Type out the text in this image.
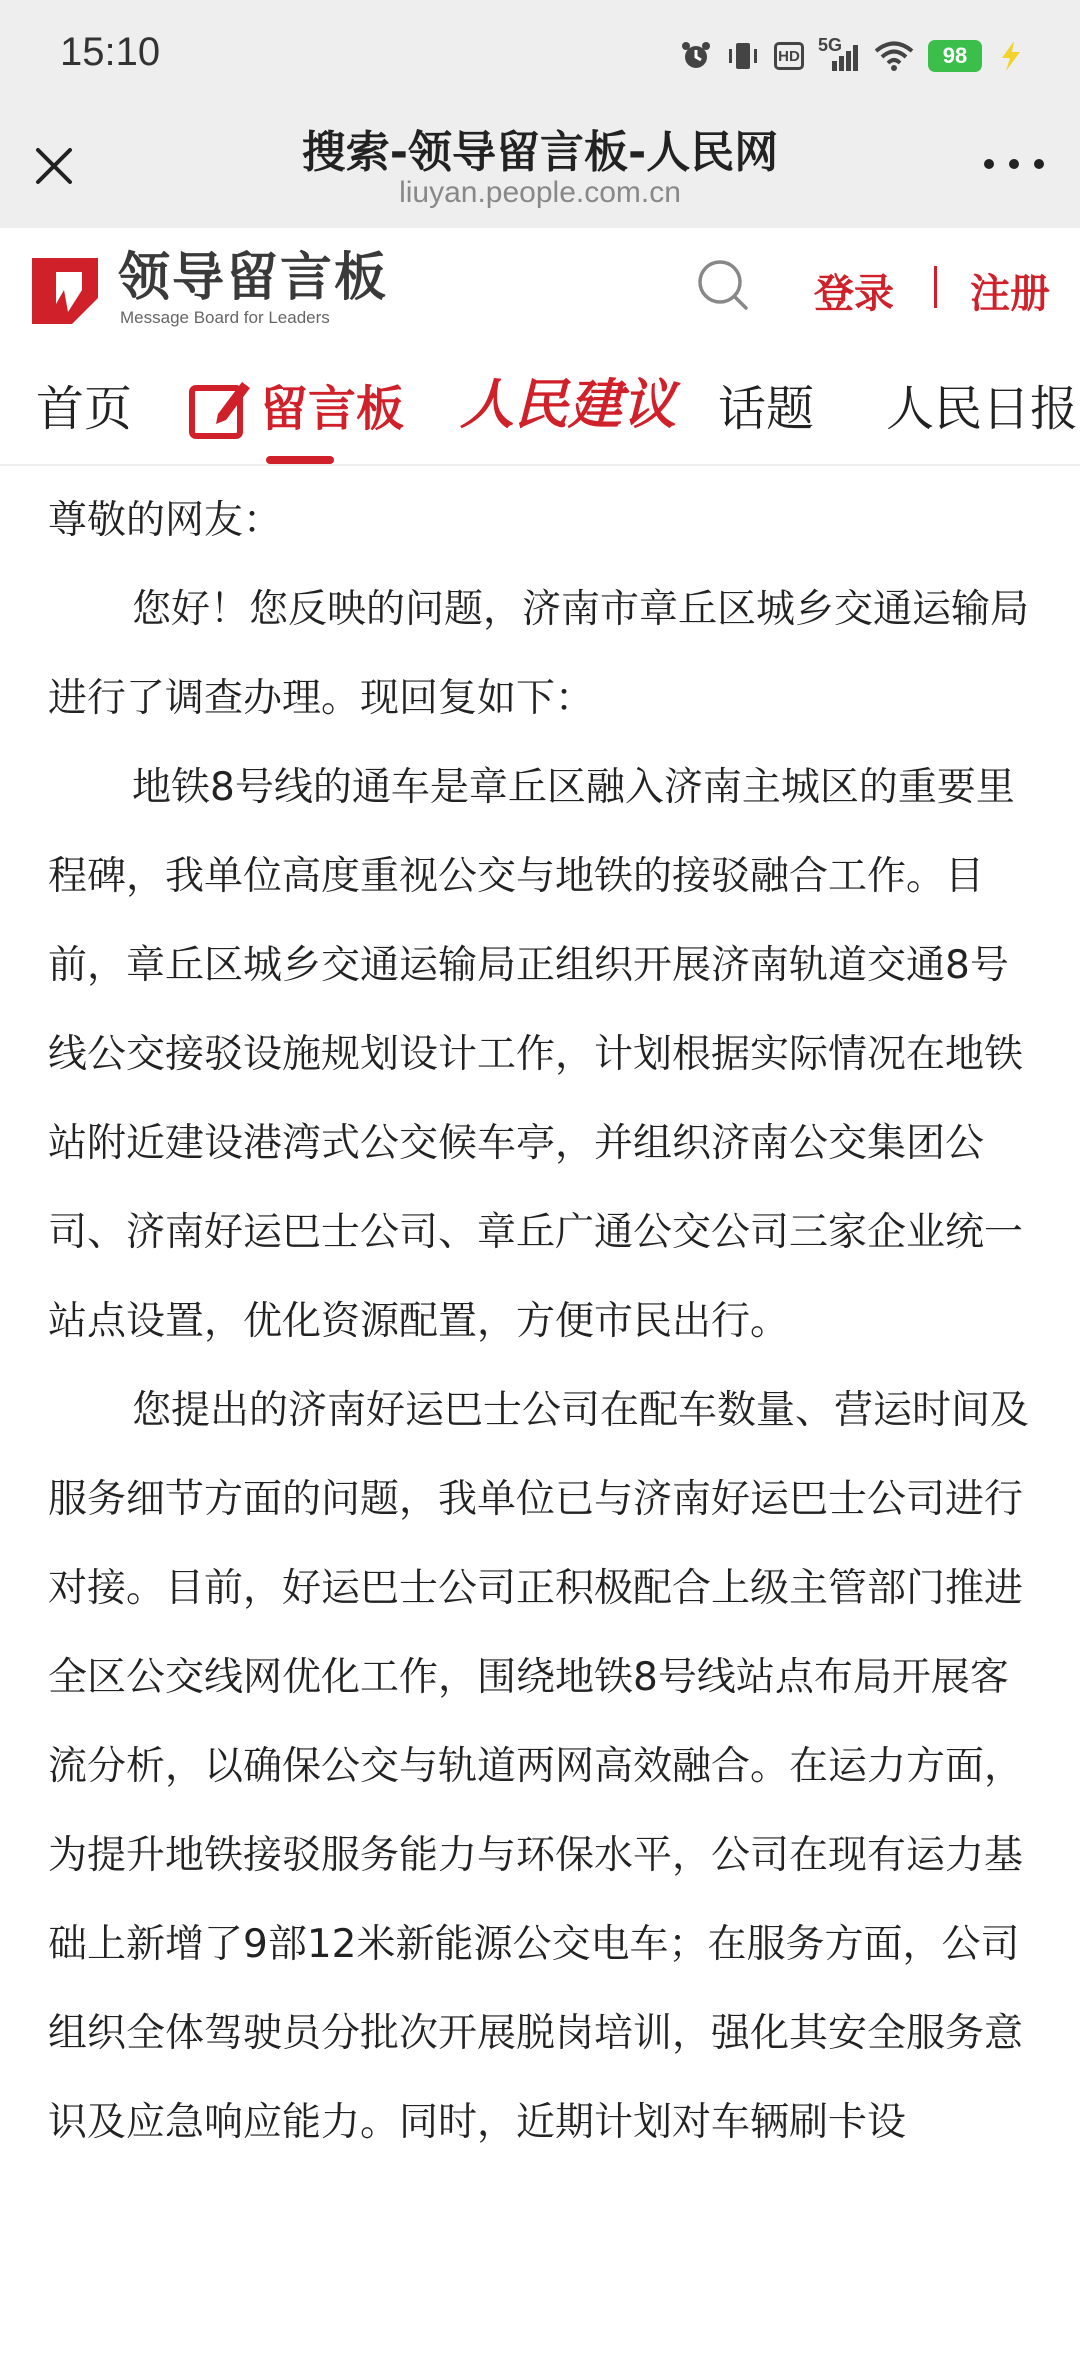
15:10	HD
5G	98
搜索-领导留言板-人民网
liuyan.people.com.cn
领导留言板
Message Board for Leaders
登录 注册
首页	留言板 人民建议 话题 人民日报

尊敬的网友：

您好！您反映的问题，济南市章丘区城乡交通运输局进行了调查办理。现回复如下：

地铁8号线的通车是章丘区融入济南主城区的重要里程碑，我单位高度重视公交与地铁的接驳融合工作。目前，章丘区城乡交通运输局正组织开展济南轨道交通8号线公交接驳设施规划设计工作，计划根据实际情况在地铁站附近建设港湾式公交候车亭，并组织济南公交集团公司、济南好运巴士公司、章丘广通公交公司三家企业统一站点设置，优化资源配置，方便市民出行。

您提出的济南好运巴士公司在配车数量、营运时间及服务细节方面的问题，我单位已与济南好运巴士公司进行对接。目前，好运巴士公司正积极配合上级主管部门推进全区公交线网优化工作，围绕地铁8号线站点布局开展客流分析，以确保公交与轨道两网高效融合。在运力方面，为提升地铁接驳服务能力与环保水平，公司在现有运力基础上新增了9部12米新能源公交电车；在服务方面，公司组织全体驾驶员分批次开展脱岗培训，强化其安全服务意识及应急响应能力。同时，近期计划对车辆刷卡设
